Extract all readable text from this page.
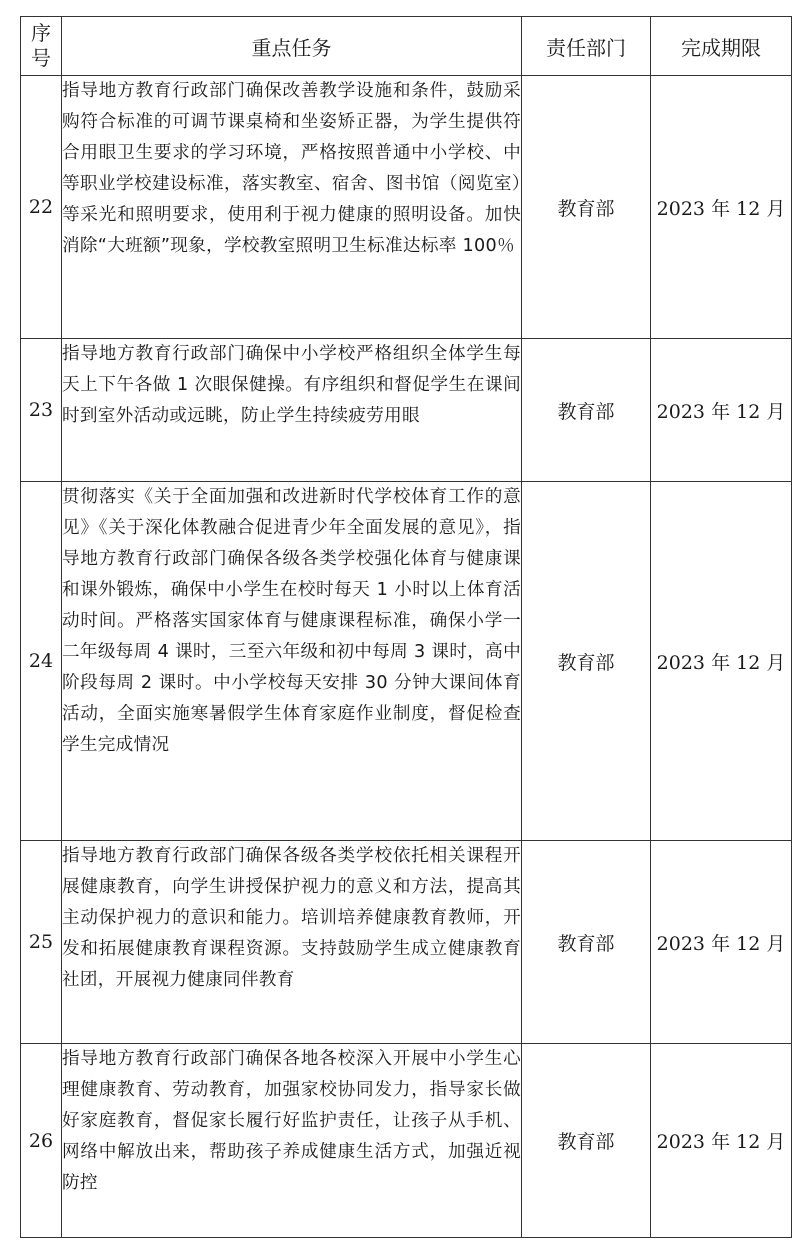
序
号	重点任务	责任部门	完成期限
22	指导地方教育行政部门确保改善教学设施和条件，鼓励采购符合标准的可调节课桌椅和坐姿矫正器，为学生提供符合用眼卫生要求的学习环境，严格按照普通中小学校、中等职业学校建设标准，落实教室、宿舍、图书馆（阅览室）等采光和照明要求，使用利于视力健康的照明设备。加快消除“大班额”现象，学校教室照明卫生标准达标率 100％	教育部	2023 年 12 月
23	指导地方教育行政部门确保中小学校严格组织全体学生每天上下午各做 1 次眼保健操。有序组织和督促学生在课间时到室外活动或远眺，防止学生持续疲劳用眼	教育部	2023 年 12 月
24	贯彻落实《关于全面加强和改进新时代学校体育工作的意见》《关于深化体教融合促进青少年全面发展的意见》，指导地方教育行政部门确保各级各类学校强化体育与健康课和课外锻炼，确保中小学生在校时每天 1 小时以上体育活动时间。严格落实国家体育与健康课程标准，确保小学一二年级每周 4 课时，三至六年级和初中每周 3 课时，高中阶段每周 2 课时。中小学校每天安排 30 分钟大课间体育活动，全面实施寒暑假学生体育家庭作业制度，督促检查学生完成情况	教育部	2023 年 12 月
25	指导地方教育行政部门确保各级各类学校依托相关课程开展健康教育，向学生讲授保护视力的意义和方法，提高其主动保护视力的意识和能力。培训培养健康教育教师，开发和拓展健康教育课程资源。支持鼓励学生成立健康教育社团，开展视力健康同伴教育	教育部	2023 年 12 月
26	指导地方教育行政部门确保各地各校深入开展中小学生心理健康教育、劳动教育，加强家校协同发力，指导家长做好家庭教育，督促家长履行好监护责任，让孩子从手机、网络中解放出来，帮助孩子养成健康生活方式，加强近视防控	教育部	2023 年 12 月
